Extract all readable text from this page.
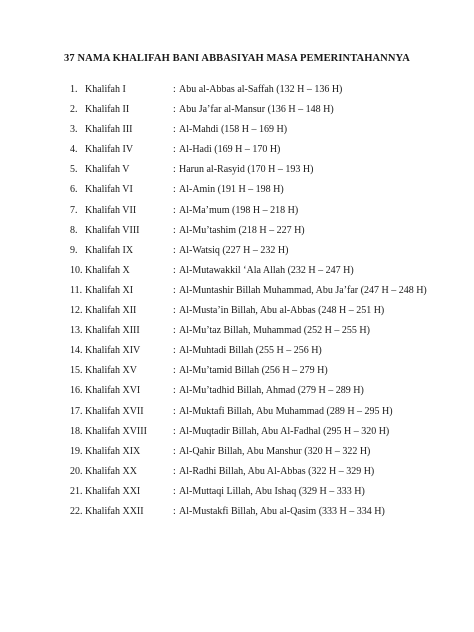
37 NAMA KHALIFAH BANI ABBASIYAH MASA PEMERINTAHANNYA
1. Khalifah I	: Abu al-Abbas al-Saffah (132 H – 136 H)
2. Khalifah II	: Abu Ja’far al-Mansur (136 H – 148 H)
3. Khalifah III	: Al-Mahdi (158 H – 169 H)
4. Khalifah IV	: Al-Hadi (169 H – 170 H)
5. Khalifah V	: Harun al-Rasyid (170 H – 193 H)
6. Khalifah VI	: Al-Amin (191 H – 198 H)
7. Khalifah VII	: Al-Ma’mum (198 H – 218 H)
8. Khalifah VIII	: Al-Mu’tashim (218 H – 227 H)
9. Khalifah IX	: Al-Watsiq (227 H – 232 H)
10. Khalifah X	: Al-Mutawakkil ‘Ala Allah (232 H – 247 H)
11. Khalifah XI	: Al-Muntashir Billah Muhammad, Abu Ja’far (247 H – 248 H)
12. Khalifah XII	: Al-Musta’in Billah, Abu al-Abbas (248 H – 251 H)
13. Khalifah XIII	: Al-Mu’taz Billah, Muhammad (252 H – 255 H)
14. Khalifah XIV	: Al-Muhtadi Billah (255 H – 256 H)
15. Khalifah XV	: Al-Mu’tamid Billah (256 H – 279 H)
16. Khalifah XVI	: Al-Mu’tadhid Billah, Ahmad (279 H – 289 H)
17. Khalifah XVII	: Al-Muktafi Billah, Abu Muhammad (289 H – 295 H)
18. Khalifah XVIII	: Al-Muqtadir Billah, Abu Al-Fadhal (295 H – 320 H)
19. Khalifah XIX	: Al-Qahir Billah, Abu Manshur (320 H – 322 H)
20. Khalifah XX	: Al-Radhi Billah, Abu Al-Abbas (322 H – 329 H)
21. Khalifah XXI	: Al-Muttaqi Lillah, Abu Ishaq (329 H – 333 H)
22. Khalifah XXII	: Al-Mustakfi Billah, Abu al-Qasim (333 H – 334 H)
